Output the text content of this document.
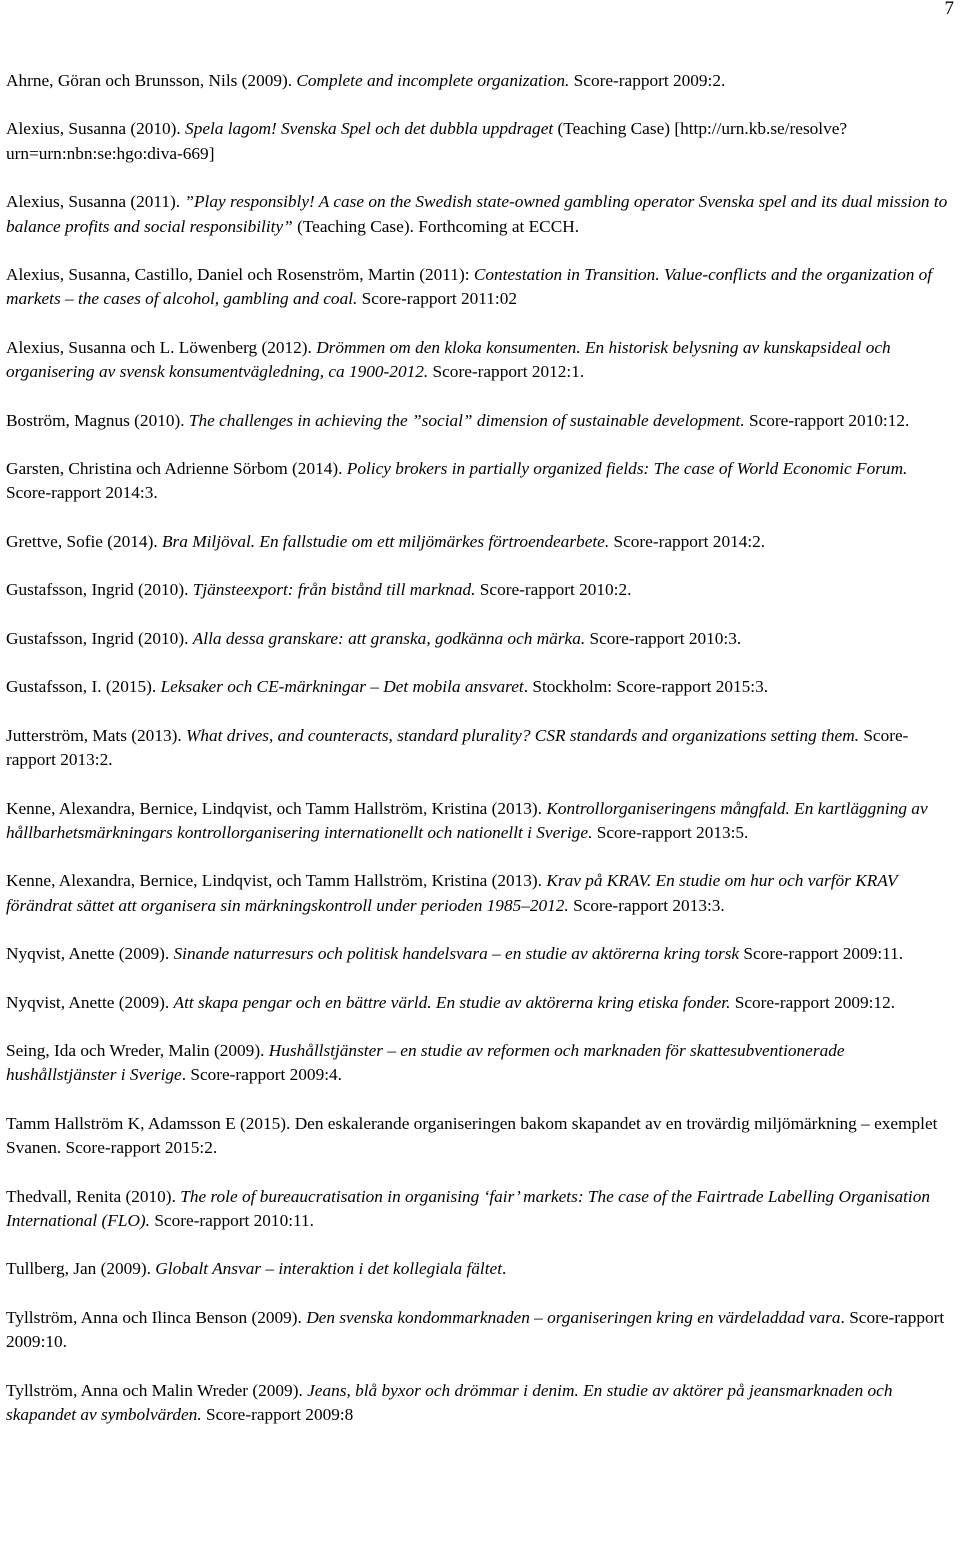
7

Ahrne, Göran och Brunsson, Nils (2009). Complete and incomplete organization. Score-rapport 2009:2.

Alexius, Susanna (2010). Spela lagom! Svenska Spel och det dubbla uppdraget (Teaching Case) [http://urn.kb.se/resolve?urn=urn:nbn:se:hgo:diva-669]

Alexius, Susanna (2011). ”Play responsibly! A case on the Swedish state-owned gambling operator Svenska spel and its dual mission to balance profits and social responsibility” (Teaching Case). Forthcoming at ECCH.

Alexius, Susanna, Castillo, Daniel och Rosenström, Martin (2011): Contestation in Transition. Value-conflicts and the organization of markets – the cases of alcohol, gambling and coal. Score-rapport 2011:02

Alexius, Susanna och L. Löwenberg (2012). Drömmen om den kloka konsumenten. En historisk belysning av kunskapsideal och organisering av svensk konsumentvägledning, ca 1900-2012. Score-rapport 2012:1.

Boström, Magnus (2010). The challenges in achieving the ”social” dimension of sustainable development. Score-rapport 2010:12.

Garsten, Christina och Adrienne Sörbom (2014). Policy brokers in partially organized fields: The case of World Economic Forum. Score-rapport 2014:3.

Grettve, Sofie (2014). Bra Miljöval. En fallstudie om ett miljömärkes förtroendearbete. Score-rapport 2014:2.

Gustafsson, Ingrid (2010). Tjänsteexport: från bistånd till marknad. Score-rapport 2010:2.

Gustafsson, Ingrid (2010). Alla dessa granskare: att granska, godkänna och märka. Score-rapport 2010:3.

Gustafsson, I. (2015). Leksaker och CE-märkningar – Det mobila ansvaret. Stockholm: Score-rapport 2015:3.

Jutterström, Mats (2013). What drives, and counteracts, standard plurality? CSR standards and organizations setting them. Score-rapport 2013:2.

Kenne, Alexandra, Bernice, Lindqvist, och Tamm Hallström, Kristina (2013). Kontrollorganiseringens mångfald. En kartläggning av hållbarhetsmärkningars kontrollorganisering internationellt och nationellt i Sverige. Score-rapport 2013:5.

Kenne, Alexandra, Bernice, Lindqvist, och Tamm Hallström, Kristina (2013). Krav på KRAV. En studie om hur och varför KRAV förändrat sättet att organisera sin märkningskontroll under perioden 1985–2012. Score-rapport 2013:3.

Nyqvist, Anette (2009). Sinande naturresurs och politisk handelsvara – en studie av aktörerna kring torsk Score-rapport 2009:11.

Nyqvist, Anette (2009). Att skapa pengar och en bättre värld. En studie av aktörerna kring etiska fonder. Score-rapport 2009:12.

Seing, Ida och Wreder, Malin (2009). Hushållstjänster – en studie av reformen och marknaden för skattesubventionerade hushållstjänster i Sverige. Score-rapport 2009:4.

Tamm Hallström K, Adamsson E (2015). Den eskalerande organiseringen bakom skapandet av en trovärdig miljömärkning – exemplet Svanen. Score-rapport 2015:2.

Thedvall, Renita (2010). The role of bureaucratisation in organising ‘fair’ markets: The case of the Fairtrade Labelling Organisation International (FLO). Score-rapport 2010:11.

Tullberg, Jan (2009). Globalt Ansvar – interaktion i det kollegiala fältet.

Tyllström, Anna och Ilinca Benson (2009). Den svenska kondommarknaden – organiseringen kring en värdeladdad vara. Score-rapport 2009:10.

Tyllström, Anna och Malin Wreder (2009). Jeans, blå byxor och drömmar i denim. En studie av aktörer på jeansmarknaden och skapandet av symbolvärden. Score-rapport 2009:8
